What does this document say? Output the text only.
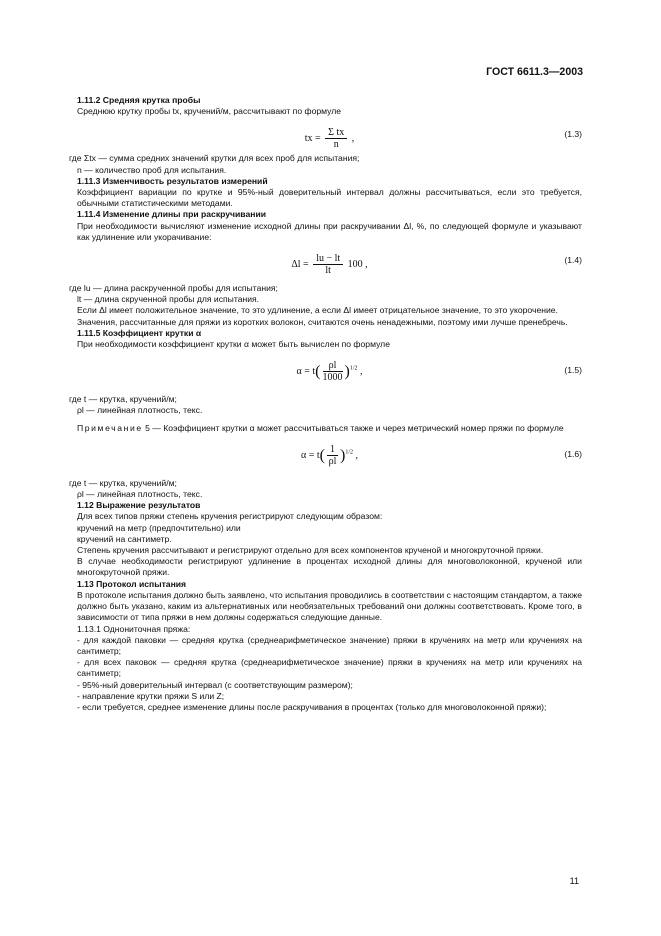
ГОСТ 6611.3—2003
1.11.2 Средняя крутка пробы
Среднюю крутку пробы tx, кручений/м, рассчитывают по формуле
tx = $\frac{\text{Σ tx}}{n}$ ,	(1.3)
где Σtx — сумма средних значений крутки для всех проб для испытания;
n — количество проб для испытания.
1.11.3 Изменчивость результатов измерений
Коэффициент вариации по крутке и 95%-ный доверительный интервал должны рассчитываться, если это требуется, обычными статистическими методами.
1.11.4 Изменение длины при раскручивании
При необходимости вычисляют изменение исходной длины при раскручивании Δl, %, по следующей формуле и указывают как удлинение или укорачивание:
$\Delta l = \frac{lu - lt}{lt} 100$ ,	(1.4)
где lu — длина раскрученной пробы для испытания;
lt — длина скрученной пробы для испытания.
Если Δl имеет положительное значение, то это удлинение, а если Δl имеет отрицательное значение, то это укорочение.
Значения, рассчитанные для пряжи из коротких волокон, считаются очень ненадежными, поэтому ими лучше пренебречь.
1.11.5 Коэффициент крутки α
При необходимости коэффициент крутки α может быть вычислен по формуле
$\alpha = t( \frac{\rho l}{1000} )^{1/2}$ ,	(1.5)
где t — крутка, кручений/м;
ρl — линейная плотность, текс.
Примечание 5 — Коэффициент крутки α может рассчитываться также и через метрический номер пряжи по формуле
$\alpha = t( \frac{1}{\rho l} )^{1/2}$ ,	(1.6)
где t — крутка, кручений/м;
ρl — линейная плотность, текс.
1.12 Выражение результатов
Для всех типов пряжи степень кручения регистрируют следующим образом:
кручений на метр (предпочтительно) или
кручений на сантиметр.
Степень кручения рассчитывают и регистрируют отдельно для всех компонентов крученой и многокруточной пряжи.
В случае необходимости регистрируют удлинение в процентах исходной длины для многоволоконной, крученой или многокруточной пряжи.
1.13 Протокол испытания
В протоколе испытания должно быть заявлено, что испытания проводились в соответствии с настоящим стандартом, а также должно быть указано, каким из альтернативных или необязательных требований они должны соответствовать. Кроме того, в зависимости от типа пряжи в нем должны содержаться следующие данные.
1.13.1 Однониточная пряжа:
- для каждой паковки — средняя крутка (среднеарифметическое значение) пряжи в кручениях на метр или кручениях на сантиметр;
- для всех паковок — средняя крутка (среднеарифметическое значение) пряжи в кручениях на метр или кручениях на сантиметр;
- 95%-ный доверительный интервал (с соответствующим размером);
- направление крутки пряжи S или Z;
- если требуется, среднее изменение длины после раскручивания в процентах (только для многоволоконной пряжи);
11
